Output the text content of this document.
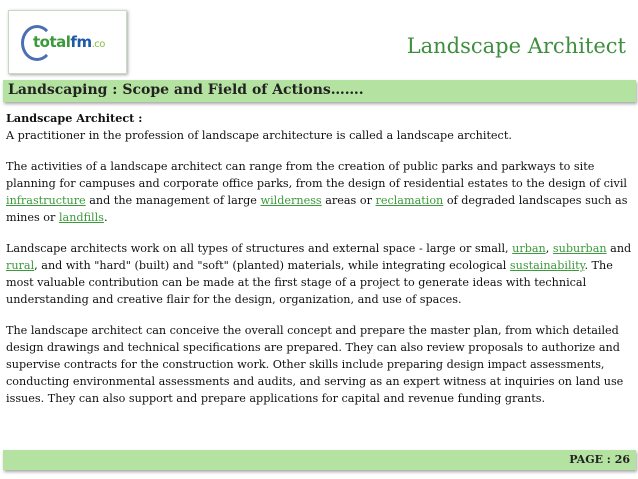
totalfm.co	Landscape Architect
Landscaping : Scope and Field of Actions…….

Landscape Architect :
A practitioner in the profession of landscape architecture is called a landscape architect.

The activities of a landscape architect can range from the creation of public parks and parkways to site planning for campuses and corporate office parks, from the design of residential estates to the design of civil infrastructure and the management of large wilderness areas or reclamation of degraded landscapes such as mines or landfills.

Landscape architects work on all types of structures and external space - large or small, urban, suburban and rural, and with "hard" (built) and "soft" (planted) materials, while integrating ecological sustainability. The most valuable contribution can be made at the first stage of a project to generate ideas with technical understanding and creative flair for the design, organization, and use of spaces.

The landscape architect can conceive the overall concept and prepare the master plan, from which detailed design drawings and technical specifications are prepared. They can also review proposals to authorize and supervise contracts for the construction work. Other skills include preparing design impact assessments, conducting environmental assessments and audits, and serving as an expert witness at inquiries on land use issues. They can also support and prepare applications for capital and revenue funding grants.

PAGE : 26
